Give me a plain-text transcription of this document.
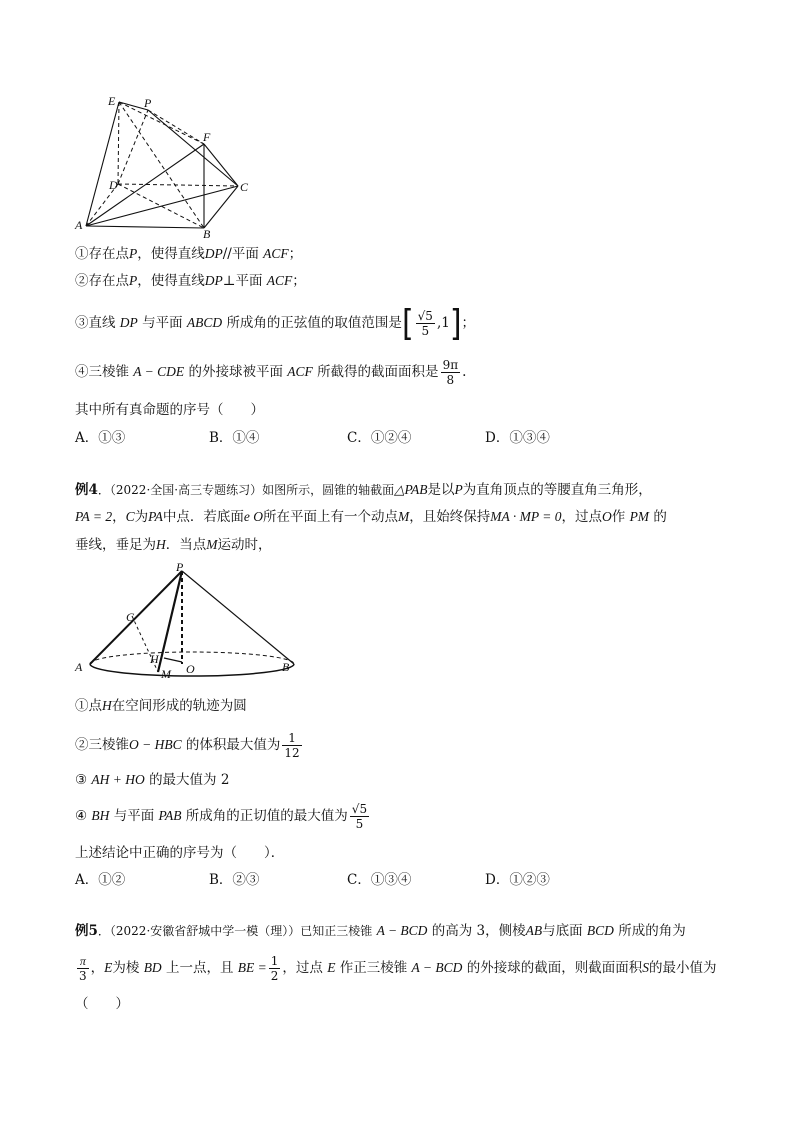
E P
F
D	C
A
B
①存在点P，使得直线DP//平面 ACF；
②存在点P，使得直线DP⊥平面 ACF；
③直线 DP 与平面 ABCD 所成角的正弦值的取值范围是[ $\frac{√5}{5} ,1$]；
④三棱锥 A − CDE 的外接球被平面 ACF 所截得的截面面积是 $\frac{9\pi}{8}$ .
其中所有真命题的序号（　　）
A．①③	B．①④	C．①②④	D．①③④
例4．（2022·全国·高三专题练习）如图所示，圆锥的轴截面△PAB是以P为直角顶点的等腰直角三角形，
PA = 2，C为PA中点．若底面e O所在平面上有一个动点M，且始终保持MA · MP = 0，过点O作 PM 的
垂线，垂足为H．当点M运动时，
P
C
A	B
H
M O
①点H在空间形成的轨迹为圆
②三棱锥O − HBC 的体积最大值为 $\frac{1}{12}$
③ AH + HO 的最大值为 2
④ BH 与平面 PAB 所成角的正切值的最大值为 $\frac{√5}{5}$
上述结论中正确的序号为（　　）．
A．①②	B．②③	C．①③④	D．①②③
例5．（2022·安徽省舒城中学一模（理））已知正三棱锥 A − BCD 的高为 3，侧棱AB与底面 BCD 所成的角为
$\frac{\pi}{3}$ ，E为棱 BD 上一点，且 BE = $\frac{1}{2}$ ，过点 E 作正三棱锥 A − BCD 的外接球的截面，则截面面积S的最小值为
（　　）
